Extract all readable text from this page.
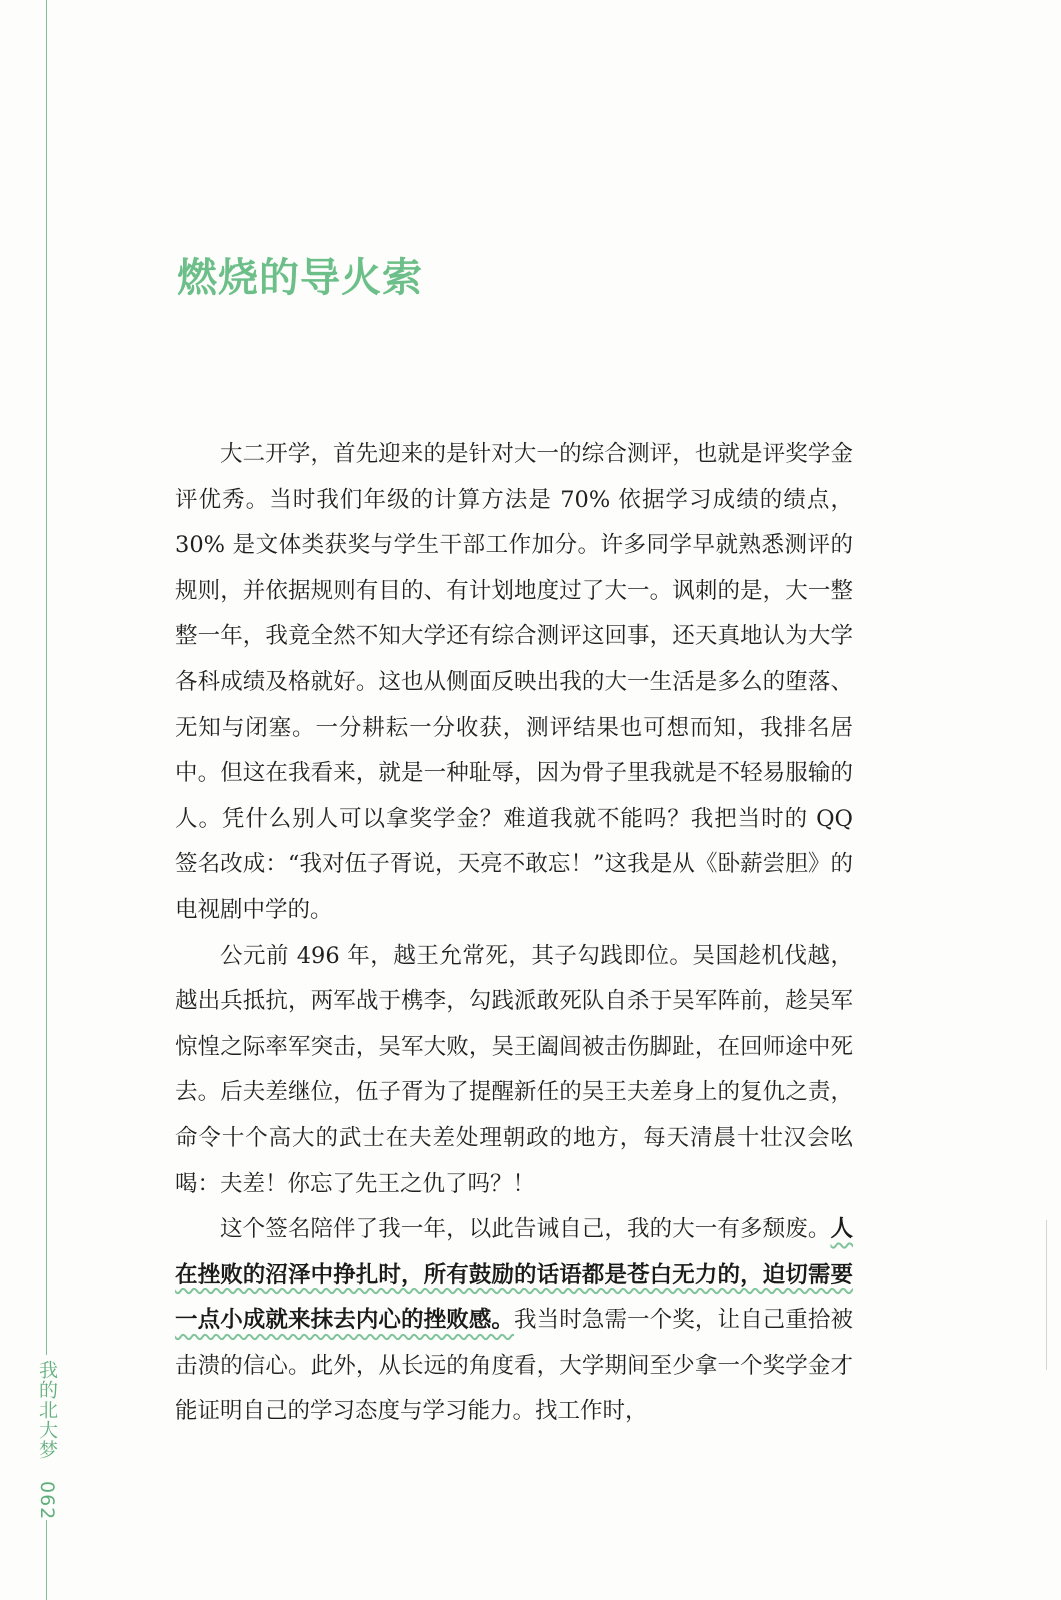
燃烧的导火索

大二开学，首先迎来的是针对大一的综合测评，也就是评奖学金评优秀。当时我们年级的计算方法是 70% 依据学习成绩的绩点，30% 是文体类获奖与学生干部工作加分。许多同学早就熟悉测评的规则，并依据规则有目的、有计划地度过了大一。讽刺的是，大一整整一年，我竟全然不知大学还有综合测评这回事，还天真地认为大学各科成绩及格就好。这也从侧面反映出我的大一生活是多么的堕落、无知与闭塞。一分耕耘一分收获，测评结果也可想而知，我排名居中。但这在我看来，就是一种耻辱，因为骨子里我就是不轻易服输的人。凭什么别人可以拿奖学金？难道我就不能吗？我把当时的 QQ 签名改成：“我对伍子胥说，天亮不敢忘！”这我是从《卧薪尝胆》的电视剧中学的。

公元前 496 年，越王允常死，其子勾践即位。吴国趁机伐越，越出兵抵抗，两军战于槜李，勾践派敢死队自杀于吴军阵前，趁吴军惊惶之际率军突击，吴军大败，吴王阖闾被击伤脚趾，在回师途中死去。后夫差继位，伍子胥为了提醒新任的吴王夫差身上的复仇之责，命令十个高大的武士在夫差处理朝政的地方，每天清晨十壮汉会吆喝：夫差！你忘了先王之仇了吗？！

这个签名陪伴了我一年，以此告诫自己，我的大一有多颓废。人在挫败的沼泽中挣扎时，所有鼓励的话语都是苍白无力的，迫切需要一点小成就来抹去内心的挫败感。我当时急需一个奖，让自己重拾被击溃的信心。此外，从长远的角度看，大学期间至少拿一个奖学金才能证明自己的学习态度与学习能力。找工作时，

我的北大梦 062
